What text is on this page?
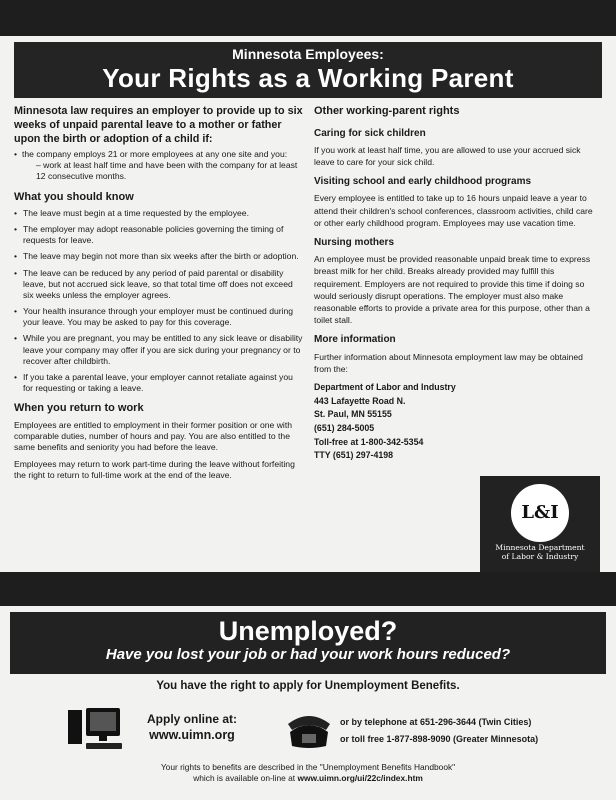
Minnesota Employees:
Your Rights as a Working Parent
Minnesota law requires an employer to provide up to six weeks of unpaid parental leave to a mother or father upon the birth or adoption of a child if:
• the company employs 21 or more employees at any one site and you:
– work at least half time and have been with the company for at least 12 consecutive months.
What you should know
• The leave must begin at a time requested by the employee.
• The employer may adopt reasonable policies governing the timing of requests for leave.
• The leave may begin not more than six weeks after the birth or adoption.
• The leave can be reduced by any period of paid parental or disability leave, but not accrued sick leave, so that total time off does not exceed six weeks unless the employer agrees.
• Your health insurance through your employer must be continued during your leave. You may be asked to pay for this coverage.
• While you are pregnant, you may be entitled to any sick leave or disability leave your company may offer if you are sick during your pregnancy or to recover after childbirth.
• If you take a parental leave, your employer cannot retaliate against you for requesting or taking a leave.
When you return to work

Employees are entitled to employment in their former position or one with comparable duties, number of hours and pay. You are also entitled to the same benefits and seniority you had before the leave.

Employees may return to work part-time during the leave without forfeiting the right to return to full-time work at the end of the leave.

Other working-parent rights
Caring for sick children

If you work at least half time, you are allowed to use your accrued sick leave to care for your sick child.

Visiting school and early childhood programs

Every employee is entitled to take up to 16 hours unpaid leave a year to attend their children's school conferences, classroom activities, child care or other early childhood program. Employees may use vacation time.

Nursing mothers

An employee must be provided reasonable unpaid break time to express breast milk for her child. Breaks already provided may fulfill this requirement. Employers are not required to provide this time if doing so would seriously disrupt operations. The employer must also make reasonable efforts to provide a private area for this purpose, other than a toilet stall.

More information

Further information about Minnesota employment law may be obtained from the:

Department of Labor and Industry
443 Lafayette Road N.
St. Paul, MN 55155
(651) 284-5005
Toll-free at 1-800-342-5354
TTY (651) 297-4198
L&I
Minnesota Department
of Labor & Industry
Unemployed?
Have you lost your job or had your work hours reduced?
You have the right to apply for Unemployment Benefits.
Apply online at:
www.uimn.org
or by telephone at 651-296-3644 (Twin Cities)
or toll free 1-877-898-9090 (Greater Minnesota)
Your rights to benefits are described in the "Unemployment Benefits Handbook"
which is available on-line at www.uimn.org/ui/22c/index.htm
